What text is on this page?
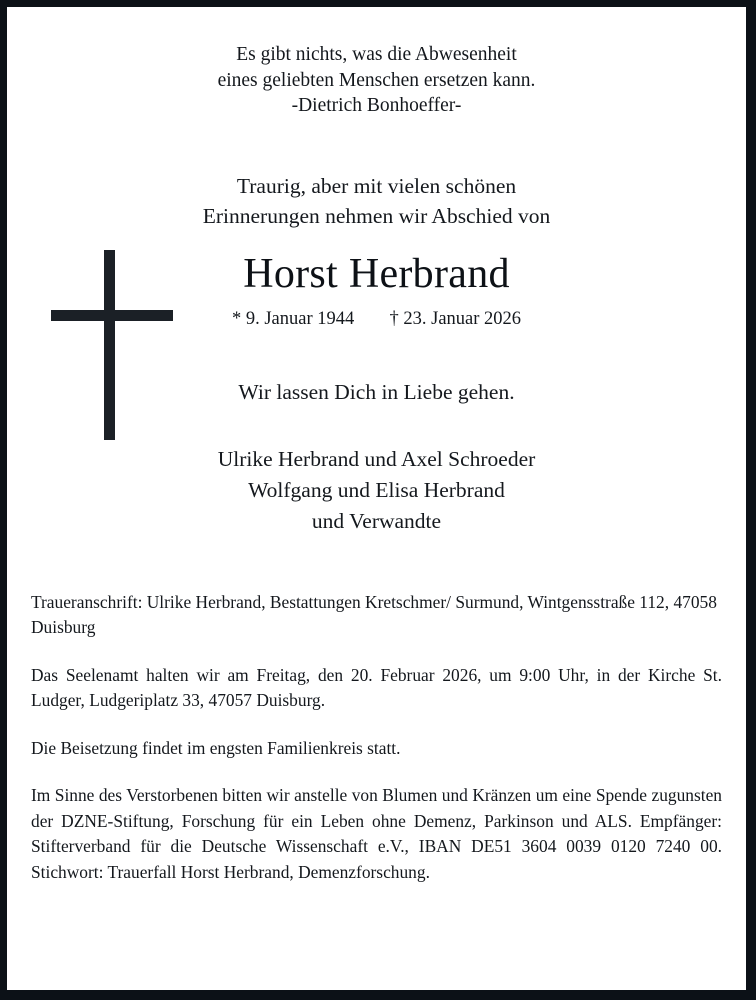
Es gibt nichts, was die Abwesenheit
eines geliebten Menschen ersetzen kann.
-Dietrich Bonhoeffer-
Traurig, aber mit vielen schönen
Erinnerungen nehmen wir Abschied von
Horst Herbrand

* 9. Januar 1944 † 23. Januar 2026

Wir lassen Dich in Liebe gehen.

Ulrike Herbrand und Axel Schroeder
Wolfgang und Elisa Herbrand
und Verwandte

Traueranschrift: Ulrike Herbrand, Bestattungen Kretschmer/ Surmund, Wintgensstraße 112, 47058 Duisburg

Das Seelenamt halten wir am Freitag, den 20. Februar 2026, um 9:00 Uhr, in der Kirche St. Ludger, Ludgeriplatz 33, 47057 Duisburg.

Die Beisetzung findet im engsten Familienkreis statt.

Im Sinne des Verstorbenen bitten wir anstelle von Blumen und Kränzen um eine Spende zugunsten der DZNE-Stiftung, Forschung für ein Leben ohne Demenz, Parkinson und ALS. Empfänger: Stifterverband für die Deutsche Wissenschaft e.V., IBAN DE51 3604 0039 0120 7240 00. Stichwort: Trauerfall Horst Herbrand, Demenzforschung.
